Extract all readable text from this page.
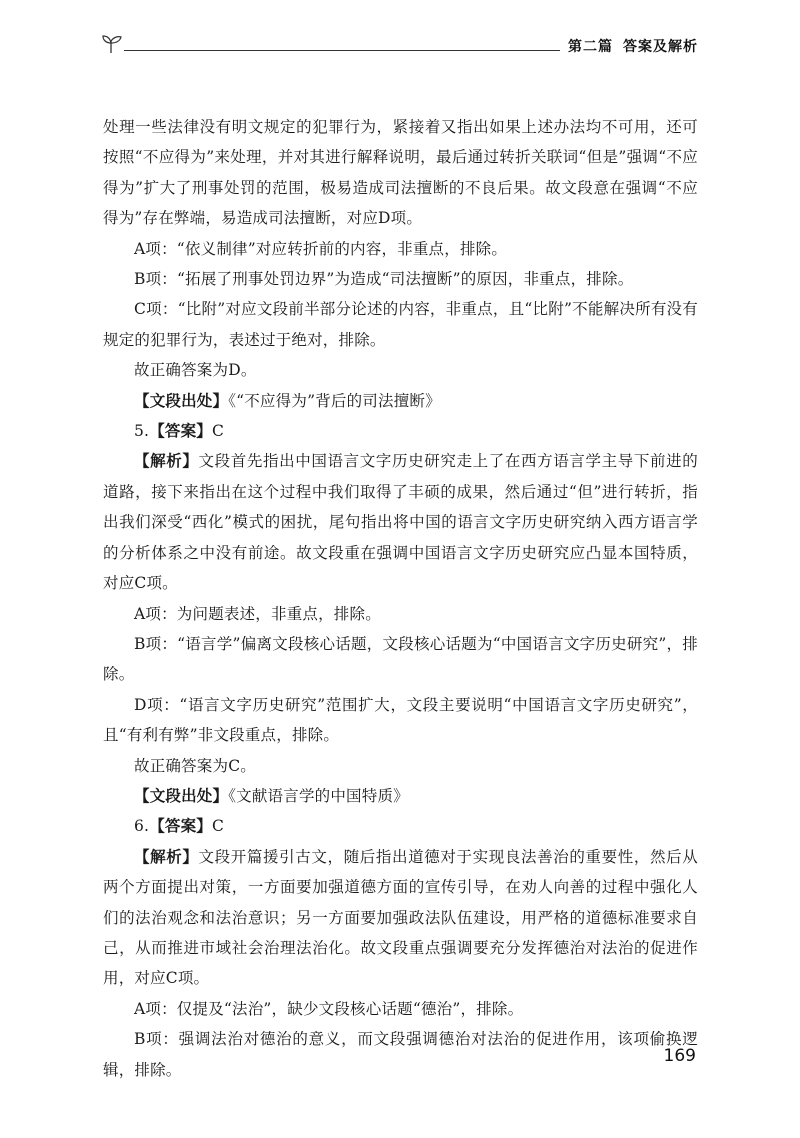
第二篇 答案及解析

处理一些法律没有明文规定的犯罪行为，紧接着又指出如果上述办法均不可用，还可按照“不应得为”来处理，并对其进行解释说明，最后通过转折关联词“但是”强调“不应得为”扩大了刑事处罚的范围，极易造成司法擅断的不良后果。故文段意在强调“不应得为”存在弊端，易造成司法擅断，对应D项。

A项：“依义制律”对应转折前的内容，非重点，排除。

B项：“拓展了刑事处罚边界”为造成“司法擅断”的原因，非重点，排除。

C项：“比附”对应文段前半部分论述的内容，非重点，且“比附”不能解决所有没有规定的犯罪行为，表述过于绝对，排除。

故正确答案为D。

【文段出处】《“不应得为”背后的司法擅断》

5.【答案】C

【解析】文段首先指出中国语言文字历史研究走上了在西方语言学主导下前进的道路，接下来指出在这个过程中我们取得了丰硕的成果，然后通过“但”进行转折，指出我们深受“西化”模式的困扰，尾句指出将中国的语言文字历史研究纳入西方语言学的分析体系之中没有前途。故文段重在强调中国语言文字历史研究应凸显本国特质，对应C项。

A项：为问题表述，非重点，排除。

B项：“语言学”偏离文段核心话题，文段核心话题为“中国语言文字历史研究”，排除。

D项：“语言文字历史研究”范围扩大，文段主要说明“中国语言文字历史研究”，且“有利有弊”非文段重点，排除。

故正确答案为C。

【文段出处】《文献语言学的中国特质》

6.【答案】C

【解析】文段开篇援引古文，随后指出道德对于实现良法善治的重要性，然后从两个方面提出对策，一方面要加强道德方面的宣传引导，在劝人向善的过程中强化人们的法治观念和法治意识；另一方面要加强政法队伍建设，用严格的道德标准要求自己，从而推进市域社会治理法治化。故文段重点强调要充分发挥德治对法治的促进作用，对应C项。

A项：仅提及“法治”，缺少文段核心话题“德治”，排除。

B项：强调法治对德治的意义，而文段强调德治对法治的促进作用，该项偷换逻辑，排除。

169
